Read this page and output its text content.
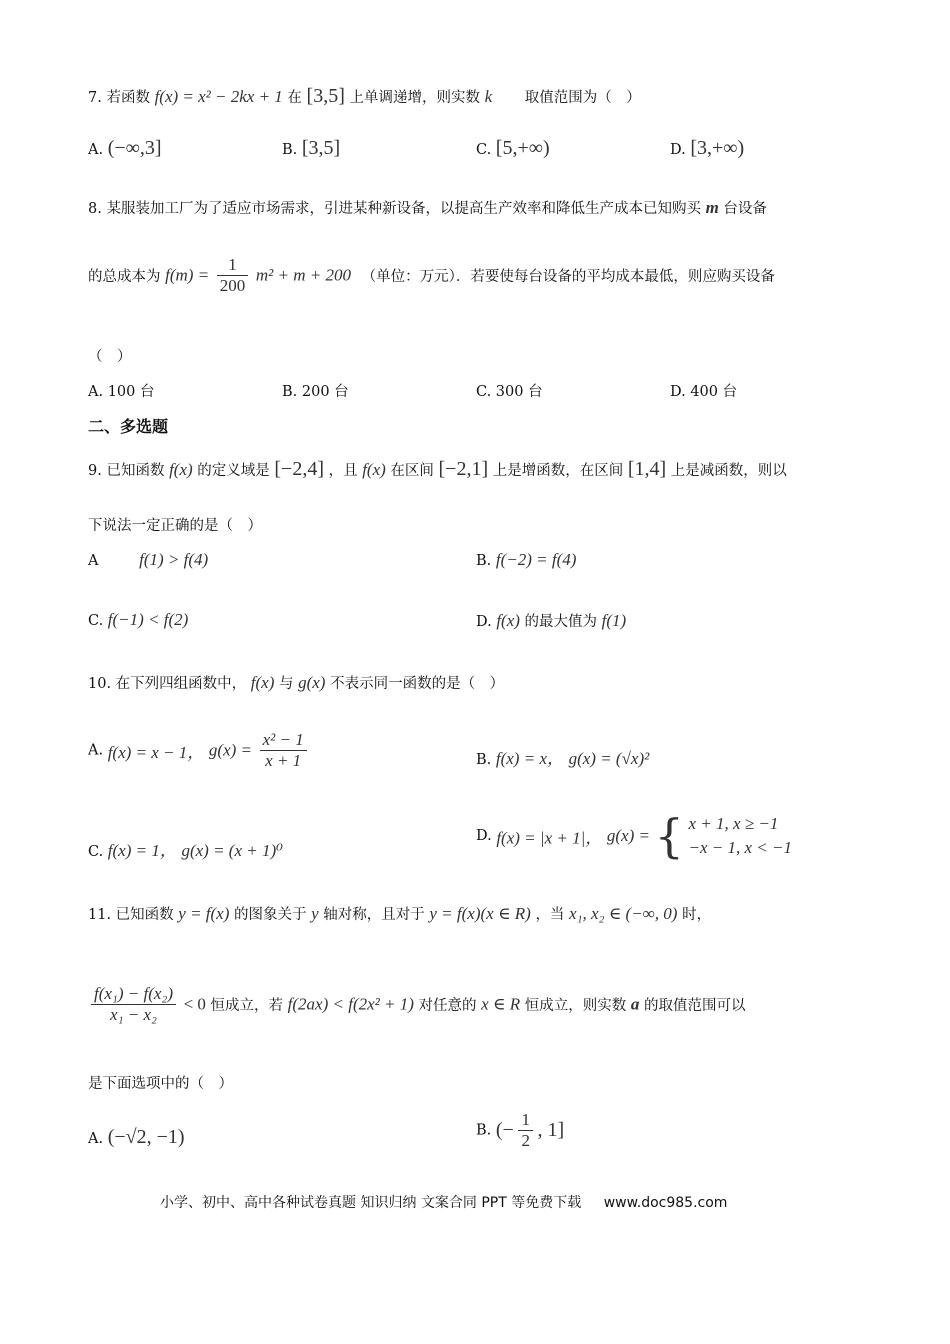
7. 若函数 f(x) = x² − 2kx + 1 在 [3,5] 上单调递增，则实数 k 取值范围为（　）
A. (−∞,3]	B. [3,5]	C. [5,+∞)	D. [3,+∞)
8. 某服装加工厂为了适应市场需求，引进某种新设备，以提高生产效率和降低生产成本已知购买 m 台设备
的总成本为 $f(m) = \frac{1}{200} m^2 + m + 200$ （单位：万元）．若要使每台设备的平均成本最低，则应购买设备
（　）
A. 100 台	B. 200 台	C. 300 台	D. 400 台
二、多选题
9. 已知函数 f(x) 的定义域是 [−2,4] ，且 f(x) 在区间 [−2,1] 上是增函数，在区间 [1,4] 上是减函数，则以
下说法一定正确的是（　）
A f(1) > f(4)	B. f(−2) = f(4)
C. f(−1) < f(2)	D. f(x) 的最大值为 f(1)
10. 在下列四组函数中， f(x) 与 g(x) 不表示同一函数的是（　）
A. f(x) = x − 1， $g(x) = \frac{\text{x² − 1}}{x + 1}$	B. f(x) = x， g(x) = (√x)²
C. f(x) = 1， g(x) = (x + 1)⁰
D. f(x) = |x + 1|， g(x) = { x + 1, x ≥ −1
−x − 1, x < −1
11. 已知函数 y = f(x) 的图象关于 y 轴对称，且对于 y = f(x)(x ∈ R) ，当 x₁, x₂ ∈ (−∞, 0) 时，
$\frac{\text{f(x₁) − f(x₂)}}{\text{x₁ − x₂}} < 0$ 恒成立，若 f(2ax) < f(2x² + 1) 对任意的 x ∈ R 恒成立，则实数 a 的取值范围可以
是下面选项中的（　）
A. (−√2, −1)	B. (− $\frac{1}{2}$ , 1]
小学、初中、高中各种试卷真题 知识归纳 文案合同 PPT 等免费下载 www.doc985.com
